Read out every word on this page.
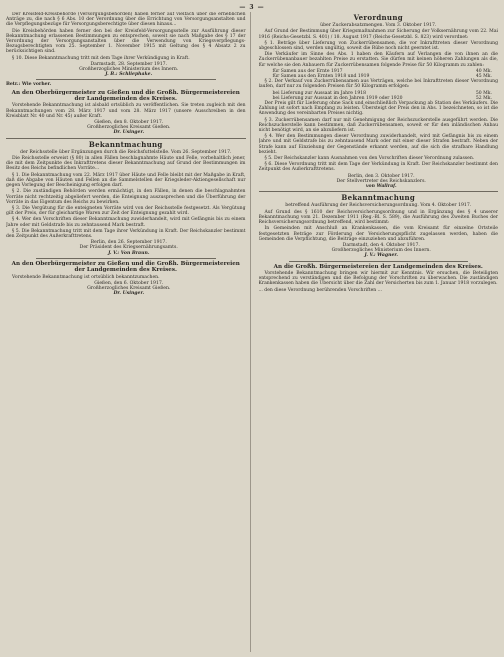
— 3 —

Der Kreisfeld-Kreisbehörde (Versorgungsbehörden) haben ferner auf vielfach über die erheblichen Anträge zu, die nach § 6 Abs. 10 der Verordnung über die Errichtung von Versorgungsanstalten und die Verpflegungsbezüge für Versorgungsberechtigte über diesen hinaus...

Die Kreisbehörden haben ferner den bei der Kreisfeld-Versorgungsstelle zur Ausführung dieser Bekanntmachung erlassenen Bestimmungen zu entsprechen, soweit sie nach Maßgabe des § 17 der Verordnung der Versorgungsanstalten über die Verwendung von Kriegsverpflegungs-Bezugsberechtigten vom 25. September 1. November 1915 mit Geltung des § 4 Absatz 2 zu berücksichtigen sind.

§ 10. Diese Bekanntmachung tritt mit dem Tage ihrer Verkündigung in Kraft.

Darmstadt, 28. September 1917.

Großherzogliches Ministerium des Innern.

J. B.: Schliephake.

Betr.: Wie vorher.

An den Oberbürgermeister zu Gießen und die Großh. Bürgermeistereien der Landgemeinden des Kreises.

Vorstehende Bekanntmachung ist alsbald ortsüblich zu veröffentlichen. Sie treten zugleich mit den Bekanntmachungen vom 28. März 1917 und vom 28. März 1917 (unsere Ausschreiben in den Kreisblatt Nr. 40 und Nr. 45) außer Kraft.

Gießen, den 8. Oktober 1917.

Großherzogliches Kreisamt Gießen.

Dr. Usinger.

Bekanntmachung

der Reichsstelle über Ergänzungen durch die Reichsfuttelstelle. Vom 26. September 1917.

Die Reichsstelle erweist (§ 80) in allen Fällen beschlagnahmte Häute und Felle, vorbehaltlich jener, die mit dem Zeitpunkte des Inkrafttretens dieser Bekanntmachung auf Grund der Bestimmungen im Besitz des Reichs befindlichen Vorräte...

§ 1. Die Bekanntmachung vom 22. März 1917 über Häute und Felle bleibt mit der Maßgabe in Kraft, daß die Abgabe von Häuten und Fellen an die Sammelstellen der Kriegsleder-Aktiengesellschaft nur gegen Vorlegung der Bescheinigung erfolgen darf.

§ 2. Die zuständigen Behörden werden ermächtigt, in den Fällen, in denen die beschlagnahmten Vorräte nicht rechtzeitig abgeliefert werden, die Enteignung auszusprechen und die Überführung der Vorräte in das Eigentum des Reichs zu bewirken.

§ 3. Die Vergütung für die enteigneten Vorräte wird von der Reichsstelle festgesetzt. Als Vergütung gilt der Preis, der für gleichartige Waren zur Zeit der Enteignung gezahlt wird.

§ 4. Wer den Vorschriften dieser Bekanntmachung zuwiderhandelt, wird mit Gefängnis bis zu einem Jahre oder mit Geldstrafe bis zu zehntausend Mark bestraft.

§ 5. Die Bekanntmachung tritt mit dem Tage ihrer Verkündung in Kraft. Der Reichskanzler bestimmt den Zeitpunkt des Außerkrafttretens.

Berlin, den 26. September 1917.

Der Präsident des Kriegsernährungsamts.

J. V.: Von Braun.

An den Oberbürgermeister zu Gießen und die Großh. Bürgermeistereien der Landgemeinden des Kreises.

Vorstehende Bekanntmachung ist ortsüblich bekanntzumachen.

Gießen, den 6. Oktober 1917.

Großherzogliches Kreisamt Gießen.

Dr. Usinger.

Verordnung

über Zuckerabsatzmengen. Vom 3. Oktober 1917.

Auf Grund der Bestimmung über Kriegsmaßnahmen zur Sicherung der Volksernährung vom 22. Mai 1916 (Reichs-Gesetzbl. S. 401) / 18. August 1917 (Reichs-Gesetzbl. S. 823) wird verordnet:

§ 1. Beträge über Lieferung von Zuckerrübensamen, die vor Inkrafttreten dieser Verordnung abgeschlossen sind, werden ungültig, soweit die Rübe noch nicht geerntet ist.

Die Verkäufer im Sinne des Abs. 1 haben den Käufern auf Verlangen die von ihnen an die Zuckerrübenanbauer bezahlten Preise zu erstatten. Sie dürfen mit keinen höheren Zahlungen als die, für welche sie den Anbauern für Zuckerrübensamen folgende Preise für 50 Kilogramm zu zahlen:

für Samen aus der Ernte 1917	40 Mk.
für Samen aus den Ernten 1918 und 1919	45 Mk.

§ 2. Der Verkauf von Zuckerrübensamen aus Verträgen, welche bei Inkrafttreten dieser Verordnung laufen, darf nur zu folgenden Preisen für 50 Kilogramm erfolgen:

bei Lieferung zur Aussaat im Jahre 1918	50 Mk.
bei Lieferung zur Aussaat in den Jahren 1919 oder 1920	52 Mk.

Der Preis gilt für Lieferung ohne Sack und einschließlich Verpackung ab Station des Verkäufers. Die Zahlung ist sofort nach Empfang zu leisten. Übersteigt der Preis den in Abs. 1 bezeichneten, so ist die Anwendung des vereinbarten Preises nichtig.

§ 3. Zuckerrübensamen darf nur mit Genehmigung der Reichszuckerstelle ausgeführt werden. Die Reichszuckerstelle kann bestimmen, daß Zuckerrübensamen, soweit er für den inländischen Anbau nicht benötigt wird, an sie abzuliefern ist.

§ 4. Wer den Bestimmungen dieser Verordnung zuwiderhandelt, wird mit Gefängnis bis zu einem Jahre und mit Geldstrafe bis zu zehntausend Mark oder mit einer dieser Strafen bestraft. Neben der Strafe kann auf Einziehung der Gegenstände erkannt werden, auf die sich die strafbare Handlung bezieht.

§ 5. Der Reichskanzler kann Ausnahmen von den Vorschriften dieser Verordnung zulassen.

§ 6. Diese Verordnung tritt mit dem Tage der Verkündung in Kraft. Der Reichskanzler bestimmt den Zeitpunkt des Außerkrafttretens.

Berlin, den 3. Oktober 1917.

Der Stellvertreter des Reichskanzlers.

von Wallraf.

Bekanntmachung

betreffend Ausführung der Reichsversicherungsordnung. Vom 4. Oktober 1917.

Auf Grund des § 1610 der Reichsversicherungsordnung und in Ergänzung des § 4 unserer Bekanntmachung vom 21. Dezember 1911 (Reg.-Bl. S. 589), die Ausführung des Zweiten Buches der Reichsversicherungsordnung betreffend, wird bestimmt:

In Gemeinden mit Anschluß an Krankenkassen, die vom Kreisamt für einzelne Ortsteile festgesetzten Beträge zur Förderung der Versicherungspflicht zugelassen werden, haben die Gemeinden die Verpflichtung, die Beiträge einzuziehen und abzuführen.

Darmstadt, den 4. Oktober 1917.

Großherzogliches Ministerium des Innern.

J. V.: Wagner.

An die Großh. Bürgermeistereien der Landgemeinden des Kreises.

Vorstehende Bekanntmachung bringen wir hiermit zur Kenntnis. Wir ersuchen, die Beteiligten entsprechend zu verständigen und die Befolgung der Vorschriften zu überwachen. Die zuständigen Krankenkassen haben die Übersicht über die Zahl der Versicherten bis zum 1. Januar 1918 vorzulegen.

... den diese Verordnung berührenden Vorschriften ...
